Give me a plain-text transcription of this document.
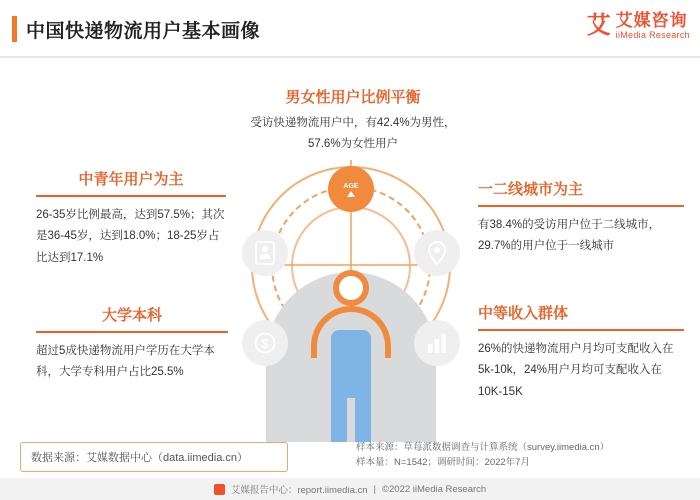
中国快递物流用户基本画像	艾 艾媒咨询
iiMedia Research
AGE
$
男女性用户比例平衡
受访快递物流用户中，有42.4%为男性，57.6%为女性用户
中青年用户为主
26-35岁比例最高，达到57.5%；其次是36-45岁，达到18.0%；18-25岁占比达到17.1%
一二线城市为主
有38.4%的受访用户位于二线城市，29.7%的用户位于一线城市
大学本科
超过5成快递物流用户学历在大学本科，大学专科用户占比25.5%
中等收入群体
26%的快递物流用户月均可支配收入在5k-10k，24%用户月均可支配收入在10K-15K
数据来源：艾媒数据中心（data.iimedia.cn）
样本来源：草莓派数据调查与计算系统（survey.iimedia.cn）
样本量：N=1542；调研时间：2022年7月
艾媒报告中心：report.iimedia.cn | ©2022 iiMedia Research
